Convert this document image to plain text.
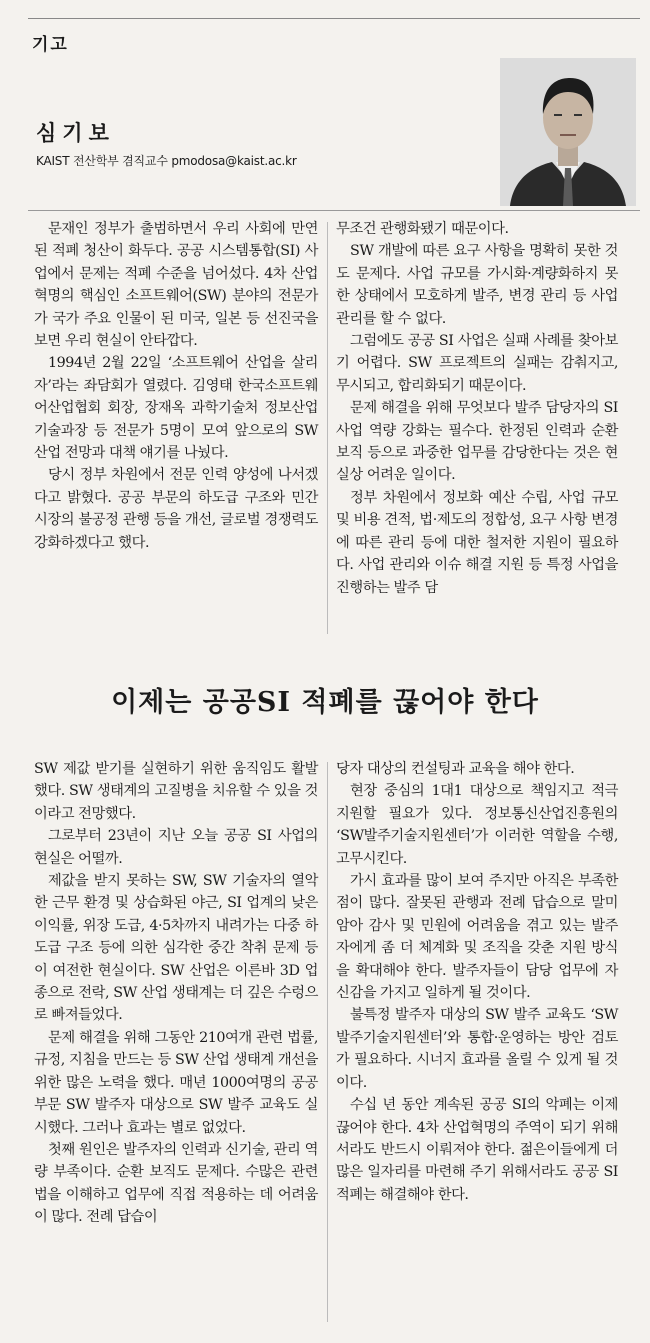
기고
심기보
KAIST 전산학부 겸직교수 pmodosa@kaist.ac.kr

문재인 정부가 출범하면서 우리 사회에 만연된 적폐 청산이 화두다. 공공 시스템통합(SI) 사업에서 문제는 적폐 수준을 넘어섰다. 4차 산업혁명의 핵심인 소프트웨어(SW) 분야의 전문가가 국가 주요 인물이 된 미국, 일본 등 선진국을 보면 우리 현실이 안타깝다.

1994년 2월 22일 ‘소프트웨어 산업을 살리자’라는 좌담회가 열렸다. 김영태 한국소프트웨어산업협회 회장, 장재옥 과학기술처 정보산업기술과장 등 전문가 5명이 모여 앞으로의 SW 산업 전망과 대책 얘기를 나눴다.

당시 정부 차원에서 전문 인력 양성에 나서겠다고 밝혔다. 공공 부문의 하도급 구조와 민간 시장의 불공정 관행 등을 개선, 글로벌 경쟁력도 강화하겠다고 했다.

무조건 관행화됐기 때문이다.

SW 개발에 따른 요구 사항을 명확히 못한 것도 문제다. 사업 규모를 가시화·계량화하지 못한 상태에서 모호하게 발주, 변경 관리 등 사업 관리를 할 수 없다.

그럼에도 공공 SI 사업은 실패 사례를 찾아보기 어렵다. SW 프로젝트의 실패는 감춰지고, 무시되고, 합리화되기 때문이다.

문제 해결을 위해 무엇보다 발주 담당자의 SI 사업 역량 강화는 필수다. 한정된 인력과 순환 보직 등으로 과중한 업무를 감당한다는 것은 현실상 어려운 일이다.

정부 차원에서 정보화 예산 수립, 사업 규모 및 비용 견적, 법·제도의 정합성, 요구 사항 변경에 따른 관리 등에 대한 철저한 지원이 필요하다. 사업 관리와 이슈 해결 지원 등 특정 사업을 진행하는 발주 담

이제는 공공SI 적폐를 끊어야 한다

SW 제값 받기를 실현하기 위한 움직임도 활발했다. SW 생태계의 고질병을 치유할 수 있을 것이라고 전망했다.

그로부터 23년이 지난 오늘 공공 SI 사업의 현실은 어떨까.

제값을 받지 못하는 SW, SW 기술자의 열악한 근무 환경 및 상습화된 야근, SI 업계의 낮은 이익률, 위장 도급, 4·5차까지 내려가는 다중 하도급 구조 등에 의한 심각한 중간 착취 문제 등이 여전한 현실이다. SW 산업은 이른바 3D 업종으로 전락, SW 산업 생태계는 더 깊은 수렁으로 빠져들었다.

문제 해결을 위해 그동안 210여개 관련 법률, 규정, 지침을 만드는 등 SW 산업 생태계 개선을 위한 많은 노력을 했다. 매년 1000여명의 공공 부문 SW 발주자 대상으로 SW 발주 교육도 실시했다. 그러나 효과는 별로 없었다.

첫째 원인은 발주자의 인력과 신기술, 관리 역량 부족이다. 순환 보직도 문제다. 수많은 관련법을 이해하고 업무에 직접 적용하는 데 어려움이 많다. 전례 답습이

당자 대상의 컨설팅과 교육을 해야 한다.

현장 중심의 1대1 대상으로 책임지고 적극 지원할 필요가 있다. 정보통신산업진흥원의 ‘SW발주기술지원센터’가 이러한 역할을 수행, 고무시킨다.

가시 효과를 많이 보여 주지만 아직은 부족한 점이 많다. 잘못된 관행과 전례 답습으로 말미암아 감사 및 민원에 어려움을 겪고 있는 발주자에게 좀 더 체계화 및 조직을 갖춘 지원 방식을 확대해야 한다. 발주자들이 담당 업무에 자신감을 가지고 일하게 될 것이다.

불특정 발주자 대상의 SW 발주 교육도 ‘SW발주기술지원센터’와 통합·운영하는 방안 검토가 필요하다. 시너지 효과를 올릴 수 있게 될 것이다.

수십 년 동안 계속된 공공 SI의 악폐는 이제 끊어야 한다. 4차 산업혁명의 주역이 되기 위해서라도 반드시 이뤄져야 한다. 젊은이들에게 더 많은 일자리를 마련해 주기 위해서라도 공공 SI 적폐는 해결해야 한다.
